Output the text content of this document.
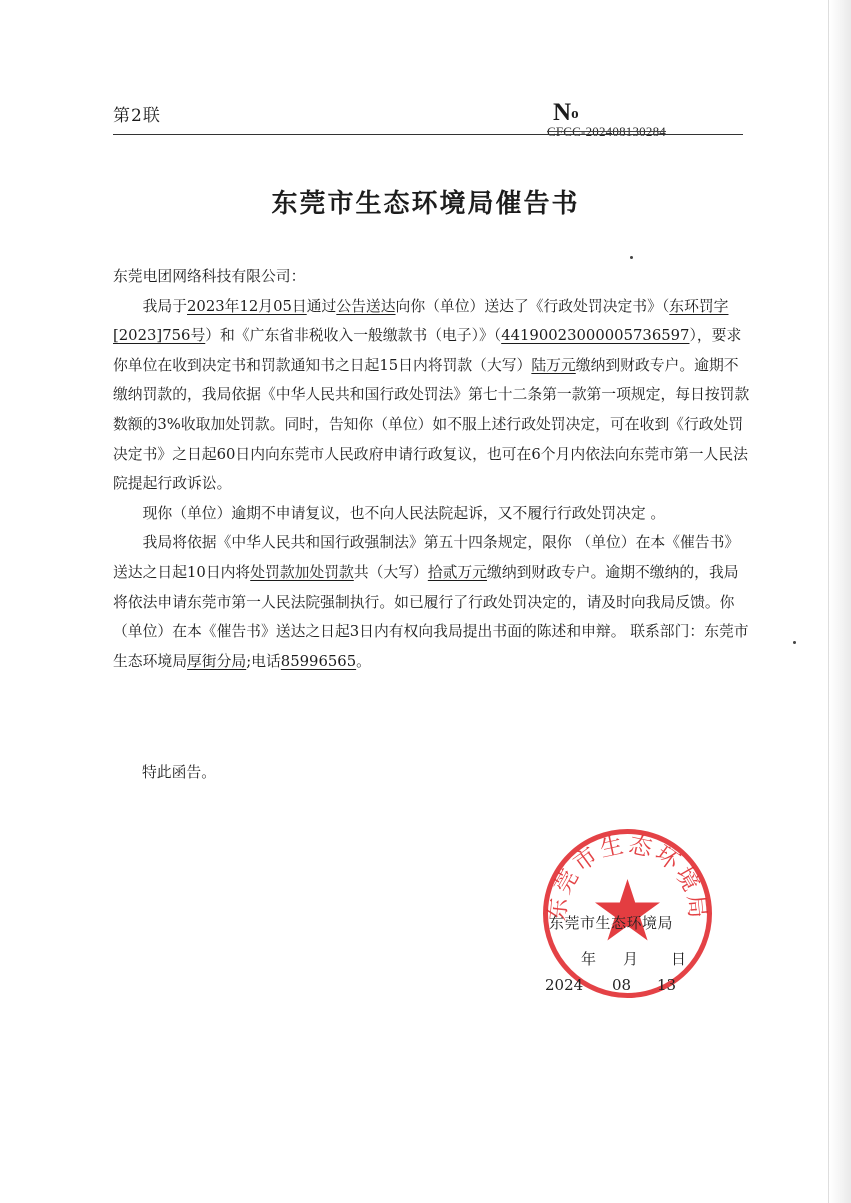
第2联	$N^o$
CFCC-202408130284
东莞市生态环境局催告书

东莞电团网络科技有限公司：

我局于2023年12月05日通过公告送达向你（单位）送达了《行政处罚决定书》（东环罚字[2023]756号）和《广东省非税收入一般缴款书（电子）》（4419002300000573659​7），要求你单位在收到决定书和罚款通知书之日起15日内将罚款（大写）陆万元缴纳到财政专户。逾期不缴纳罚款的，我局依据《中华人民共和国行政处罚法》第七十二条第一款第一项规定，每日按罚款数额的3%收取加处罚款。同时，告知你（单位）如不服上述行政处罚决定，可在收到《行政处罚决定书》之日起60日内向东莞市人民政府申请行政复议，也可在6个月内依法向东莞市第一人民法院提起行政诉讼。

现你（单位）逾期不申请复议，也不向人民法院起诉，又不履行行政处罚决定 。

我局将依据《中华人民共和国行政强制法》第五十四条规定，限你 （单位）在本《催告书》送达之日起10日内将处罚款加处罚款共（大写）拾贰万元缴纳到财政专户。逾期不缴纳的，我局将依法申请东莞市第一人民法院强制执行。如已履行了行政处罚决定的，请及时向我局反馈。你（单位）在本《催告书》送达之日起3日内有权向我局提出书面的陈述和申辩。 联系部门：东莞市生态环境局厚街分局;电话85996565。

特此函告。
东莞市生态环境局
东莞市生态环境局
年 月 日
2024 08 13
